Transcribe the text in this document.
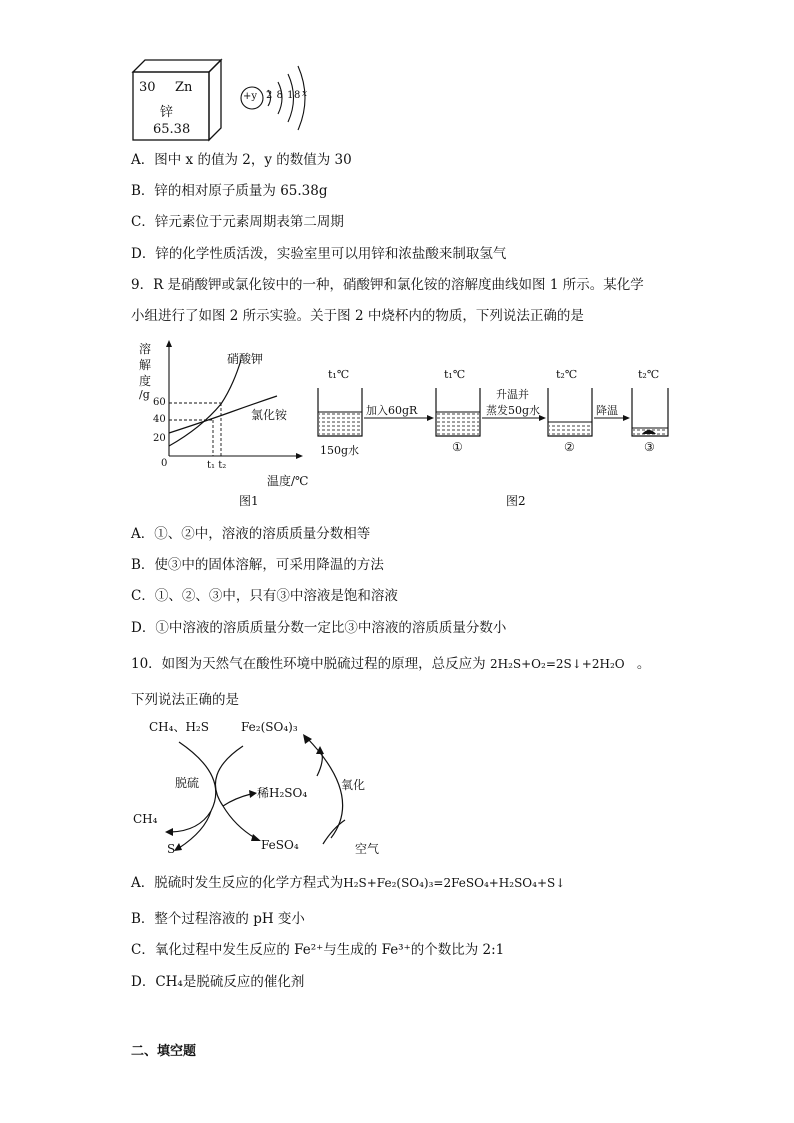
30 Zn
锌
65.38
+y 2 8 18 x
A．图中 x 的值为 2，y 的数值为 30
B．锌的相对原子质量为 65.38g
C．锌元素位于元素周期表第二周期
D．锌的化学性质活泼，实验室里可以用锌和浓盐酸来制取氢气
9．R 是硝酸钾或氯化铵中的一种，硝酸钾和氯化铵的溶解度曲线如图 1 所示。某化学
小组进行了如图 2 所示实验。关于图 2 中烧杯内的物质，下列说法正确的是
溶
解
度
/g
60
40
20
0	t₁ t₂
温度/℃
硝酸钾
氯化铵
图1
t₁℃	t₁℃	t₂℃	t₂℃
加入60gR
升温并
蒸发50g水	降温
150g水	①	②	③
图2
A．①、②中，溶液的溶质质量分数相等
B．使③中的固体溶解，可采用降温的方法
C．①、②、③中，只有③中溶液是饱和溶液
D．①中溶液的溶质质量分数一定比③中溶液的溶质质量分数小
10．如图为天然气在酸性环境中脱硫过程的原理，总反应为 2H₂S+O₂=2S↓+2H₂O 。
下列说法正确的是
CH₄、H₂S	Fe₂(SO₄)₃
脱硫
稀H₂SO₄
氧化
CH₄
S	FeSO₄	空气
A．脱硫时发生反应的化学方程式为H₂S+Fe₂(SO₄)₃=2FeSO₄+H₂SO₄+S↓
B．整个过程溶液的 pH 变小
C．氧化过程中发生反应的 Fe²⁺与生成的 Fe³⁺的个数比为 2:1
D．CH₄是脱硫反应的催化剂
二、填空题
